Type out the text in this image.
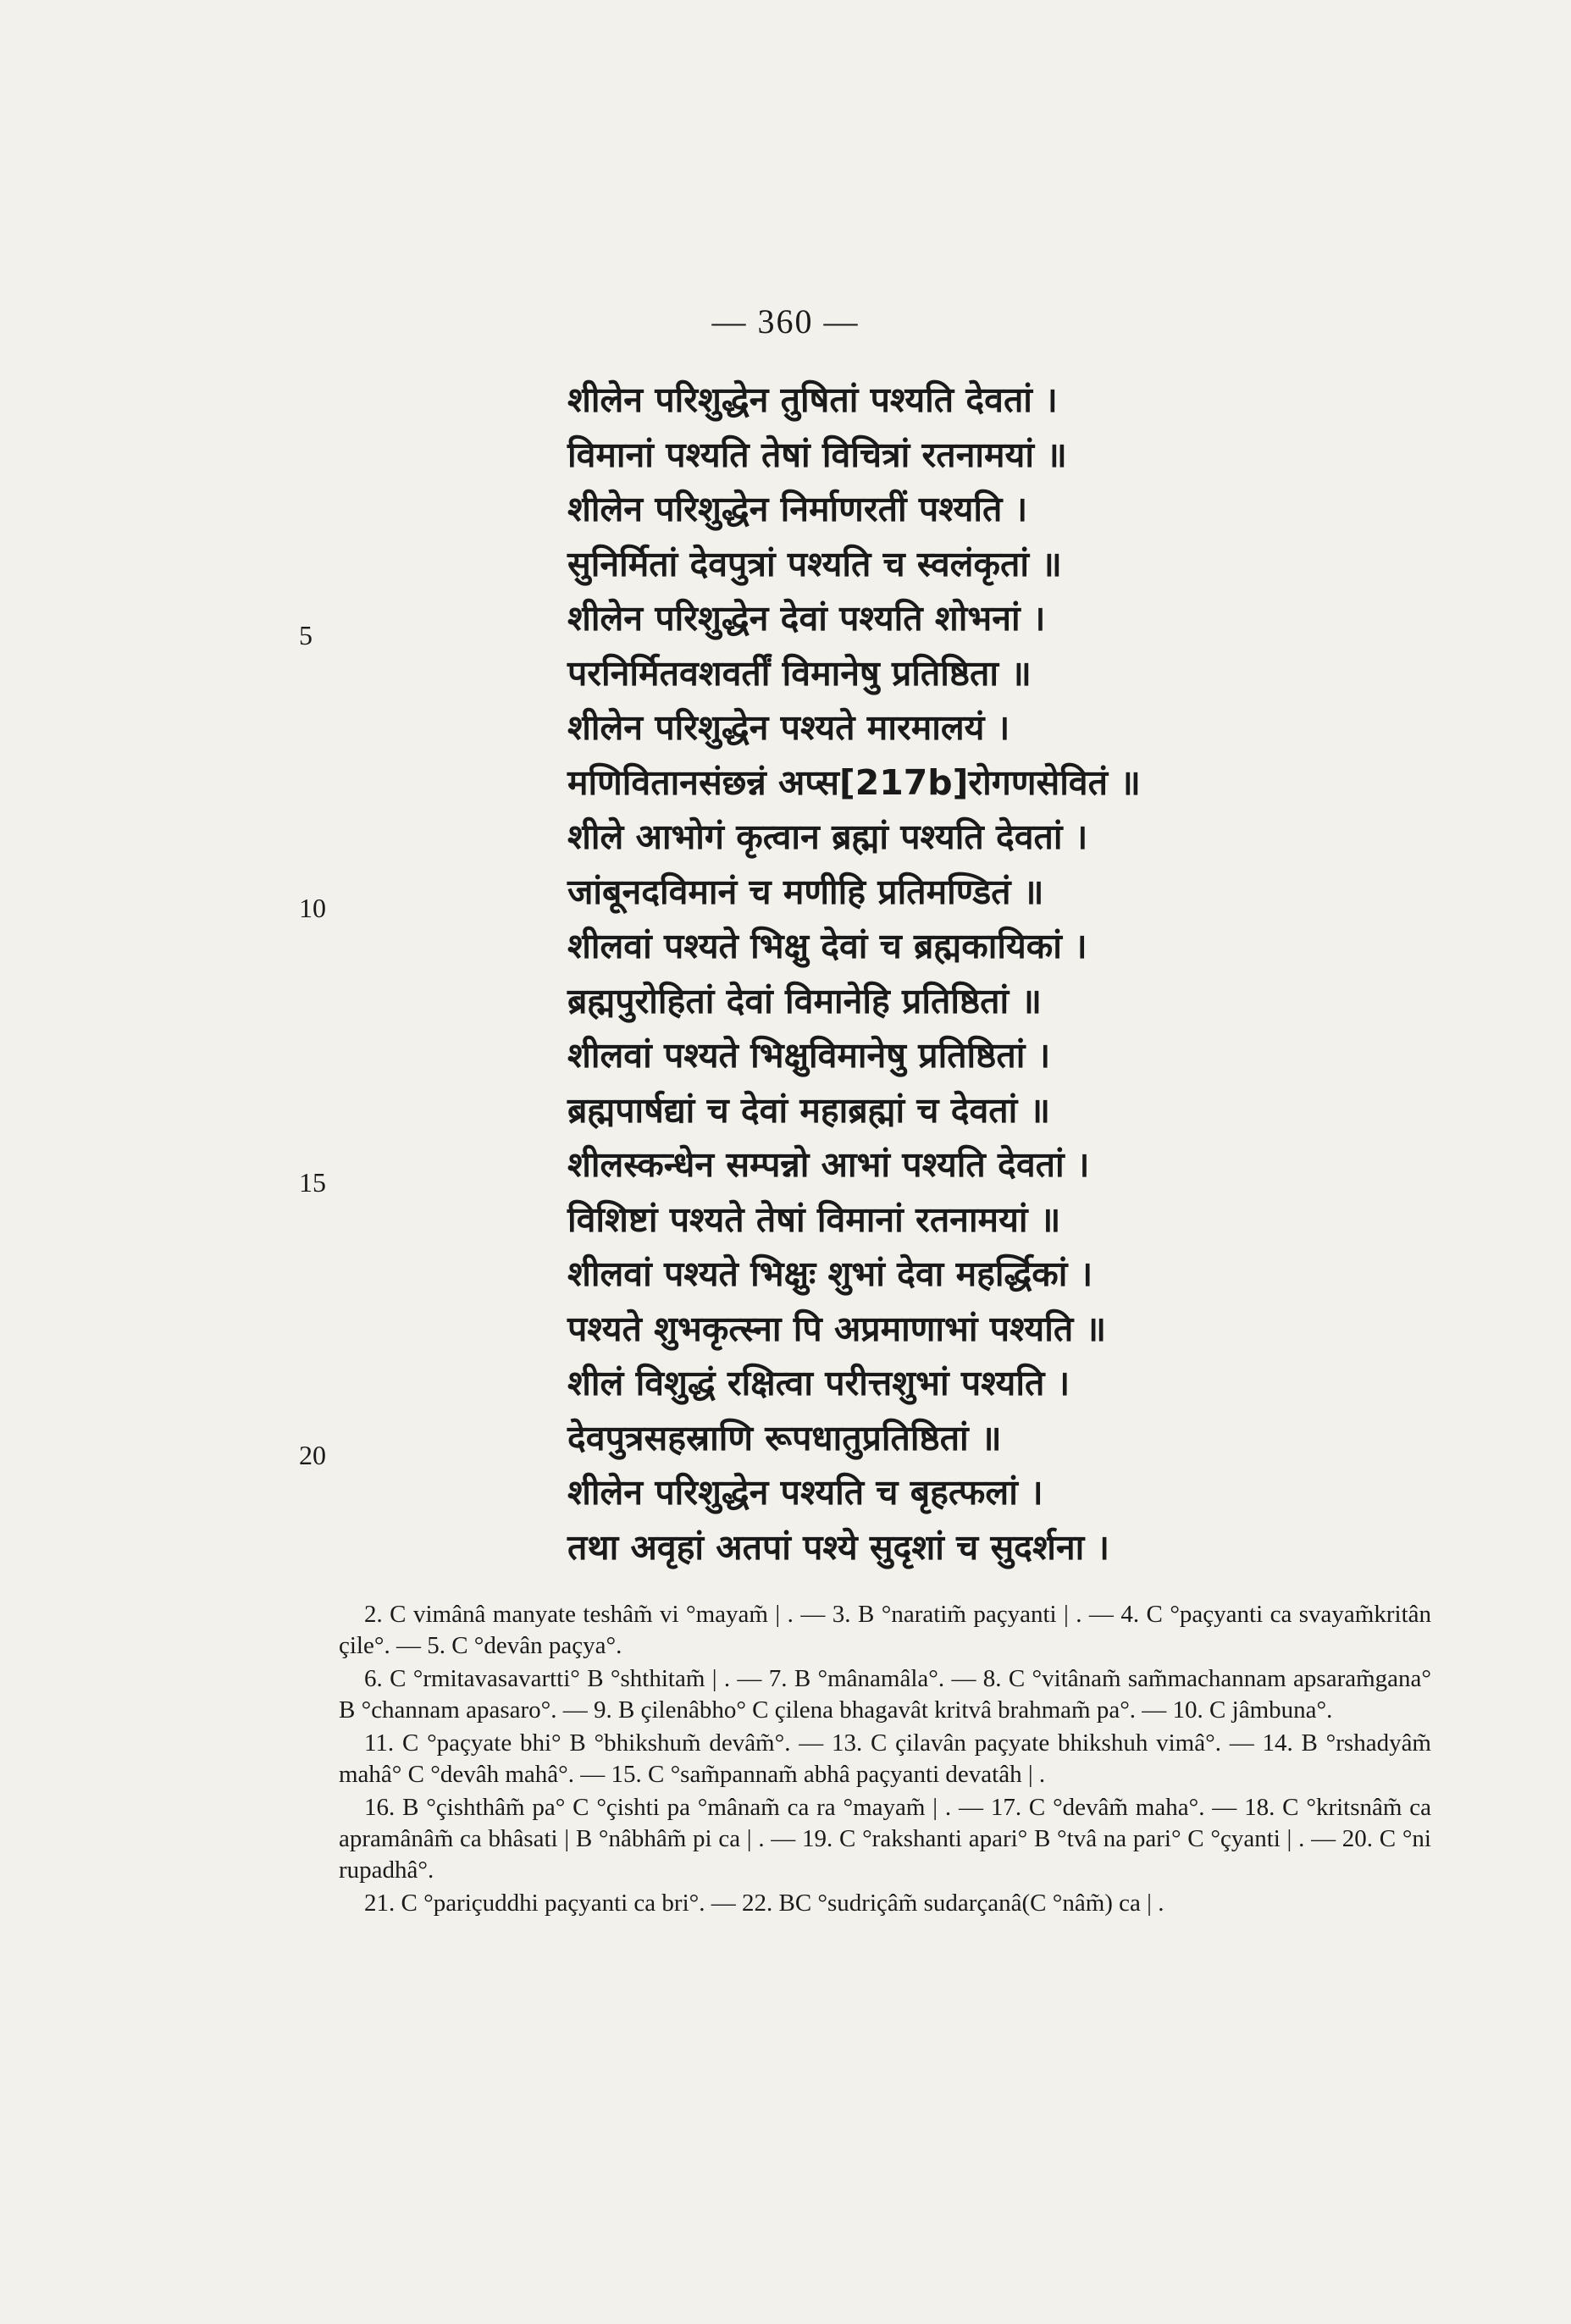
— 360 —
5
10
15
20
शीलेन परिशुद्धेन तुषितां पश्यति देवतां ।
विमानां पश्यति तेषां विचित्रां रतनामयां ॥
शीलेन परिशुद्धेन निर्माणरतीं पश्यति ।
सुनिर्मितां देवपुत्रां पश्यति च स्वलंकृतां ॥
शीलेन परिशुद्धेन देवां पश्यति शोभनां ।
परनिर्मितवशवर्तीं विमानेषु प्रतिष्ठिता ॥
शीलेन परिशुद्धेन पश्यते मारमालयं ।
मणिवितानसंछन्नं अप्स[217b]रोगणसेवितं ॥
शीले आभोगं कृत्वान ब्रह्मां पश्यति देवतां ।
जांबूनदविमानं च मणीहि प्रतिमण्डितं ॥
शीलवां पश्यते भिक्षु देवां च ब्रह्मकायिकां ।
ब्रह्मपुरोहितां देवां विमानेहि प्रतिष्ठितां ॥
शीलवां पश्यते भिक्षुविमानेषु प्रतिष्ठितां ।
ब्रह्मपार्षद्यां च देवां महाब्रह्मां च देवतां ॥
शीलस्कन्धेन सम्पन्नो आभां पश्यति देवतां ।
विशिष्टां पश्यते तेषां विमानां रतनामयां ॥
शीलवां पश्यते भिक्षुः शुभां देवा महर्द्धिकां ।
पश्यते शुभकृत्स्ना पि अप्रमाणाभां पश्यति ॥
शीलं विशुद्धं रक्षित्वा परीत्तशुभां पश्यति ।
देवपुत्रसहस्राणि रूपधातुप्रतिष्ठितां ॥
शीलेन परिशुद्धेन पश्यति च बृहत्फलां ।
तथा अवृहां अतपां पश्ये सुदृशां च सुदर्शना ।

2. C vimânâ manyate teshâm̃ vi °mayam̃ | . — 3. B °naratim̃ paçyanti | . — 4. C °paçyanti ca svayam̃kritân çile°. — 5. C °devân paçya°.

6. C °rmitavasavartti° B °shthitam̃ | . — 7. B °mânamâla°. — 8. C °vitânam̃ sam̃machannam apsaram̃gana° B °channam apasaro°. — 9. B çilenâbho° C çilena bhagavât kritvâ brahmam̃ pa°. — 10. C jâmbuna°.

11. C °paçyate bhi° B °bhikshum̃ devâm̃°. — 13. C çilavân paçyate bhikshuh vimâ°. — 14. B °rshadyâm̃ mahâ° C °devâh mahâ°. — 15. C °sam̃pannam̃ abhâ paçyanti devatâh | .

16. B °çishthâm̃ pa° C °çishti pa °mânam̃ ca ra °mayam̃ | . — 17. C °devâm̃ maha°. — 18. C °kritsnâm̃ ca apramânâm̃ ca bhâsati | B °nâbhâm̃ pi ca | . — 19. C °rakshanti apari° B °tvâ na pari° C °çyanti | . — 20. C °ni rupadhâ°.

21. C °pariçuddhi paçyanti ca bri°. — 22. BC °sudriçâm̃ sudarçanâ(C °nâm̃) ca | .
